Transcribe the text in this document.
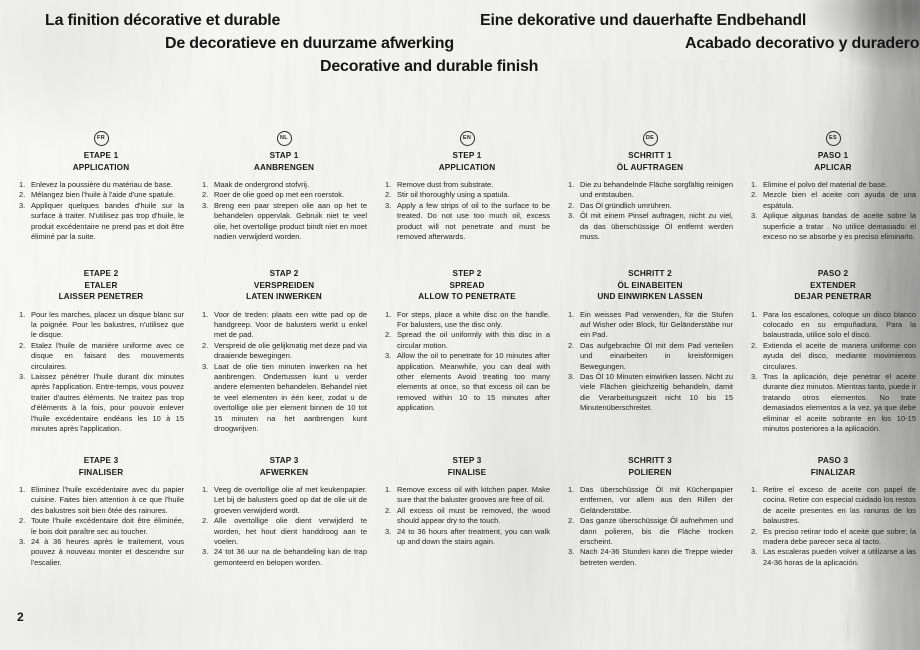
La finition décorative et durable
De decoratieve en duurzame afwerking
Decorative and durable finish
Eine dekorative und dauerhafte Endbehandl
Acabado decorativo y duradero
FR
ETAPE 1
APPLICATION
Enlevez la poussière du matériau de base.
Mélangez bien l'huile à l'aide d'une spatule.
Appliquer quelques bandes d'huile sur la surface à traiter. N'utilisez pas trop d'huile, le produit excédentaire ne prend pas et doit être éliminé par la suite.
ETAPE 2
ETALER
LAISSER PENETRER
Pour les marches, placez un disque blanc sur la poignée. Pour les balustres, n'utilisez que le disque.
Etalez l'huile de manière uniforme avec ce disque en faisant des mouvements circulaires.
Laissez pénétrer l'huile durant dix minutes après l'application. Entre-temps, vous pouvez traiter d'autres éléments. Ne traitez pas trop d'éléments à la fois, pour pouvoir enlever l'huile excédentaire endéans les 10 à 15 minutes après l'application.
ETAPE 3
FINALISER
Eliminez l'huile excédentaire avec du papier cuisine. Faites bien attention à ce que l'huile des balustres soit bien ôtée des rainures.
Toute l'huile excédentaire doit être éliminée, le bois doit paraître sec au toucher.
24 à 36 heures après le traitement, vous pouvez à nouveau monter et descendre sur l'escalier.
NL
STAP 1
AANBRENGEN
Maak de ondergrond stofvrij.
Roer de olie goed op met een roerstok.
Breng een paar strepen olie aan op het te behandelen oppervlak. Gebruik niet te veel olie, het overtollige product bindt niet en moet nadien verwijderd worden.
STAP 2
VERSPREIDEN
LATEN INWERKEN
Voor de treden: plaats een witte pad op de handgreep. Voor de balusters werkt u enkel met de pad.
Verspreid de olie gelijkmatig met deze pad via draaiende bewegingen.
Laat de olie tien minuten inwerken na het aanbrengen. Ondertussen kunt u verder andere elementen behandelen. Behandel niet te veel elementen in één keer, zodat u de overtollige olie per element binnen de 10 tot 15 minuten na het aanbrengen kunt droogwrijven.
STAP 3
AFWERKEN
Veeg de overtollige olie af met keukenpapier. Let bij de balusters goed op dat de olie uit de groeven verwijderd wordt.
Alle overtollige olie dient verwijderd te worden, het hout dient handdroog aan te voelen.
24 tot 36 uur na de behandeling kan de trap gemonteerd en belopen worden.
EN
STEP 1
APPLICATION
Remove dust from substrate.
Stir oil thoroughly using a spatula.
Apply a few strips of oil to the surface to be treated. Do not use too much oil, excess product will not penetrate and must be removed afterwards.
STEP 2
SPREAD
ALLOW TO PENETRATE
For steps, place a white disc on the handle. For balusters, use the disc only.
Spread the oil uniformly with this disc in a circular motion.
Allow the oil to penetrate for 10 minutes after application. Meanwhile, you can deal with other elements Avoid treating too many elements at once, so that excess oil can be removed within 10 to 15 minutes after application.
STEP 3
FINALISE
Remove excess oil with kitchen paper. Make sure that the baluster grooves are free of oil.
All excess oil must be removed, the wood should appear dry to the touch.
24 to 36 hours after treatment, you can walk up and down the stairs again.
DE
SCHRITT 1
ÖL AUFTRAGEN
Die zu behandelnde Fläche sorgfältig reinigen und entstauben.
Das Öl gründlich umrühren.
Öl mit einem Pinsel auftragen, nicht zu viel, da das überschüssige Öl entfernt werden muss.
SCHRITT 2
ÖL EINABEITEN
UND EINWIRKEN LASSEN
Ein weisses Pad verwenden, für die Stufen auf Wisher oder Block, für Geländerstäbe nur ein Pad.
Das aufgebrachte Öl mit dem Pad verteilen und einarbeiten in kreisförmigen Bewegungen.
Das Öl 10 Minuten einwirken lassen. Nicht zu viele Flächen gleichzeitig behandeln, damit die Verarbeitungszeit nicht 10 bis 15 Minutenüberschreitet.
SCHRITT 3
POLIEREN
Das überschüssige Öl mit Küchenpapier entfernen, vor allem aus den Rillen der Geländerstäbe.
Das ganze überschüssige Öl aufnehmen und dann polieren, bis die Fläche trocken erscheint.
Nach 24-36 Stunden kann die Treppe wieder betreten werden.
ES
PASO 1
APLICAR
Elimine el polvo del material de base.
Mezcle bien el aceite con ayuda de una espátula.
Aplique algunas bandas de aceite sobre la superficie a tratar . No utilice demasiado: el exceso no se absorbe y es preciso eliminarlo.
PASO 2
EXTENDER
DEJAR PENETRAR
Para los escalones, coloque un disco blanco colocado en su empuñadura. Para la balaustrada, utilice solo el disco.
Extienda el aceite de manera uniforme con ayuda del disco, mediante movimientos circulares.
Tras la aplicación, deje penetrar el aceite durante diez minutos. Mientras tanto, puede ir tratando otros elementos. No trate demasiados elementos a la vez, ya que debe eliminar el aceite sobrante en los 10-15 minutos posteriores a la aplicación.
PASO 3
FINALIZAR
Retire el exceso de aceite con papel de cocina. Retire con especial cuidado los restos de aceite presentes en las ranuras de los balaustres.
Es preciso retirar todo el aceite que sobre; la madera debe parecer seca al tacto.
Las escaleras pueden volver a utilizarse a las 24-36 horas de la aplicación.
2
